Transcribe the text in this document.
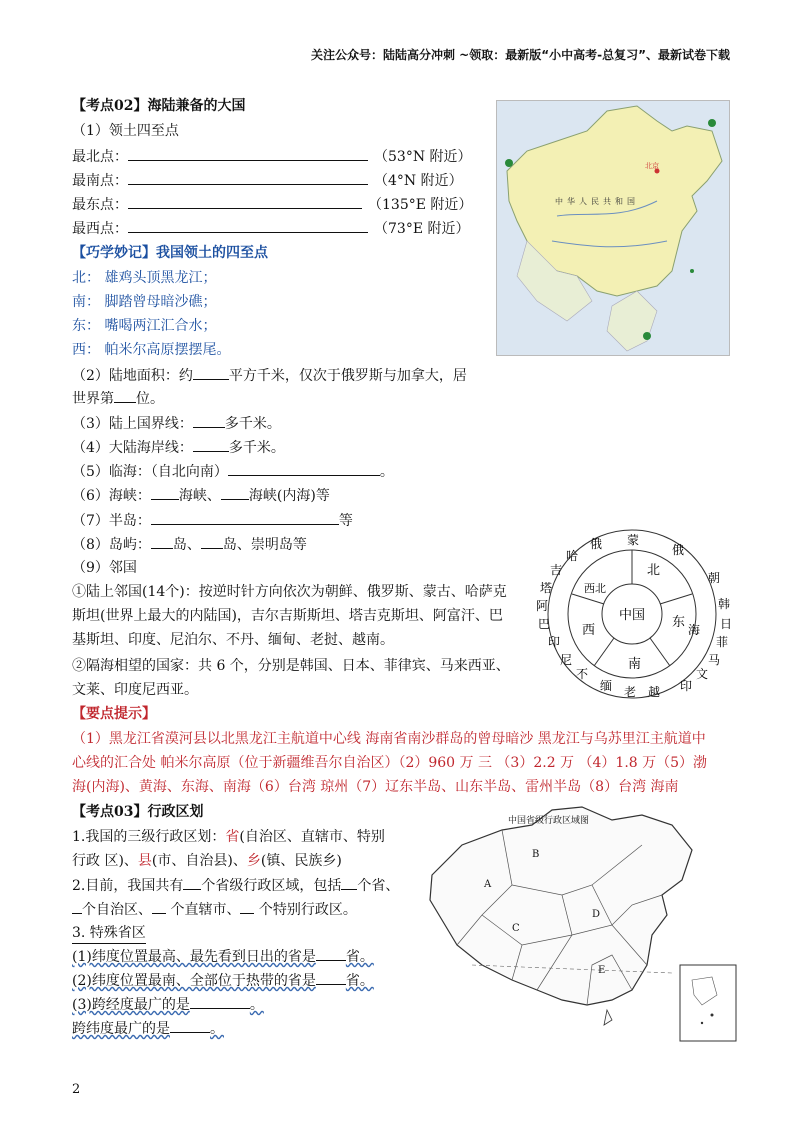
关注公众号：陆陆高分冲刺 ~领取：最新版“小中高考-总复习”、最新试卷下载
【考点02】海陆兼备的大国
（1）领土四至点
最北点：	（53°N 附近）
最南点：	（4°N 附近）
最东点：	（135°E 附近）
最西点：	（73°E 附近）
【巧学妙记】我国领土的四至点
北： 雄鸡头顶黑龙江；
南： 脚踏曾母暗沙礁；
东： 嘴喝两江汇合水；
西： 帕米尔高原摆摆尾。
中华人民共和国
北京
（2）陆地面积：约	平方千米，仅次于俄罗斯与加拿大，居
世界第 位。
（3）陆上国界线： 多千米。
（4）大陆海岸线：	多千米。
（5）临海：（自北向南）	。
（6）海峡： 海峡、 海峡(内海)等
（7）半岛：	等
（8）岛屿： 岛、 岛、崇明岛等
（9）邻国
①陆上邻国(14个)：按逆时针方向依次为朝鲜、俄罗斯、蒙古、哈萨克
斯坦(世界上最大的内陆国)，吉尔吉斯斯坦、塔吉克斯坦、阿富汗、巴
基斯坦、印度、尼泊尔、不丹、缅甸、老挝、越南。
②隔海相望的国家：共 6 个，分别是韩国、日本、菲律宾、马来西亚、
文莱、印度尼西亚。
中国
北
东
南
西
西北
蒙
俄
朝
韩
日
菲
马
文
印
越
老
缅
不
尼
印
巴
阿
塔
吉
哈
俄
海
【要点提示】
（1）黑龙江省漠河县以北黑龙江主航道中心线 海南省南沙群岛的曾母暗沙 黑龙江与乌苏里江主航道中
心线的汇合处 帕米尔高原（位于新疆维吾尔自治区）（2）960 万 三 （3）2.2 万 （4）1.8 万（5）渤
海(内海)、黄海、东海、南海（6）台湾 琼州（7）辽东半岛、山东半岛、雷州半岛（8）台湾 海南
【考点03】行政区划
1.我国的三级行政区划：省(自治区、直辖市、特别
行政 区)、县(市、自治县)、乡(镇、民族乡)
2.目前，我国共有 个省级行政区域，包括 个省、
个自治区、 个直辖市、 个特别行政区。
3. 特殊省区
(1)纬度位置最高、最先看到日出的省是 省。
(2)纬度位置最南、全部位于热带的省是 省。
(3)跨经度最广的是	。
跨纬度最广的是	。
中国省级行政区域图
A
B
C
D
E
2
